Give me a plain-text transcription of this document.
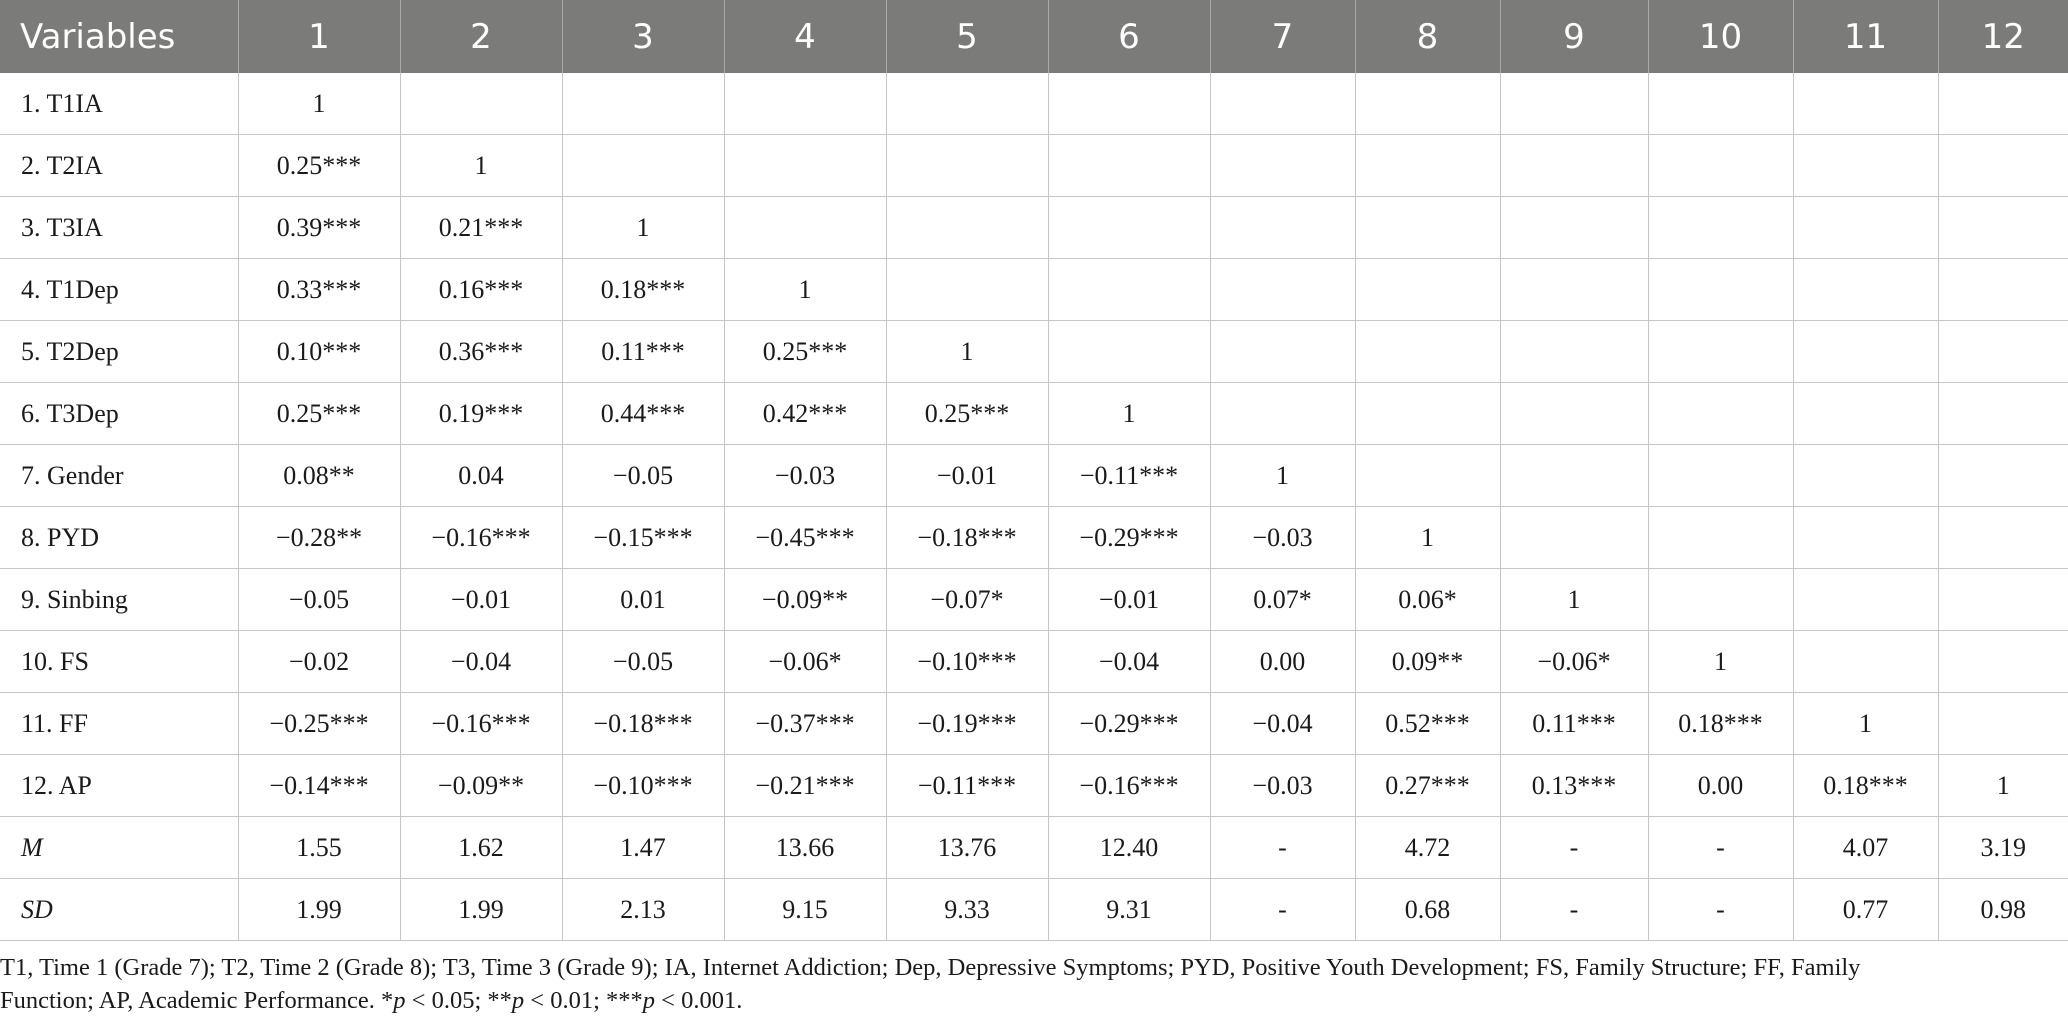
Variables	1	2	3	4	5	6	7	8	9	10	11	12
1. T1IA	1											
2. T2IA	0.25***	1										
3. T3IA	0.39***	0.21***	1									
4. T1Dep	0.33***	0.16***	0.18***	1								
5. T2Dep	0.10***	0.36***	0.11***	0.25***	1							
6. T3Dep	0.25***	0.19***	0.44***	0.42***	0.25***	1						
7. Gender	0.08**	0.04	−0.05	−0.03	−0.01	−0.11***	1					
8. PYD	−0.28**	−0.16***	−0.15***	−0.45***	−0.18***	−0.29***	−0.03	1				
9. Sinbing	−0.05	−0.01	0.01	−0.09**	−0.07*	−0.01	0.07*	0.06*	1			
10. FS	−0.02	−0.04	−0.05	−0.06*	−0.10***	−0.04	0.00	0.09**	−0.06*	1		
11. FF	−0.25***	−0.16***	−0.18***	−0.37***	−0.19***	−0.29***	−0.04	0.52***	0.11***	0.18***	1	
12. AP	−0.14***	−0.09**	−0.10***	−0.21***	−0.11***	−0.16***	−0.03	0.27***	0.13***	0.00	0.18***	1
M	1.55	1.62	1.47	13.66	13.76	12.40	-	4.72	-	-	4.07	3.19
SD	1.99	1.99	2.13	9.15	9.33	9.31	-	0.68	-	-	0.77	0.98

T1, Time 1 (Grade 7); T2, Time 2 (Grade 8); T3, Time 3 (Grade 9); IA, Internet Addiction; Dep, Depressive Symptoms; PYD, Positive Youth Development; FS, Family Structure; FF, Family
Function; AP, Academic Performance. *p < 0.05; **p < 0.01; ***p < 0.001.
